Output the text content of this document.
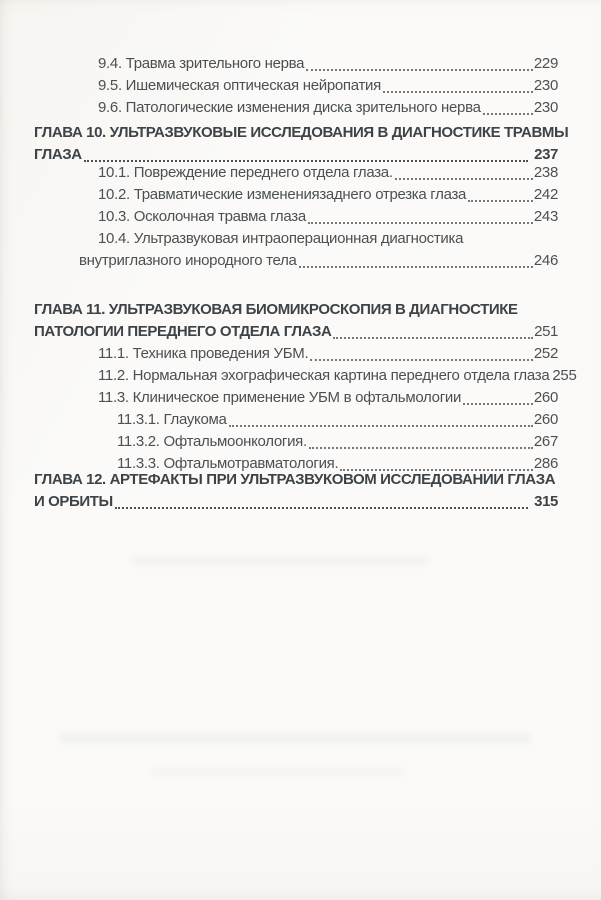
9.4. Травма зрительного нерва	229
9.5. Ишемическая оптическая нейропатия	230
9.6. Патологические изменения диска зрительного нерва	230
ГЛАВА 10. УЛЬТРАЗВУКОВЫЕ ИССЛЕДОВАНИЯ В ДИАГНОСТИКЕ ТРАВМЫ
ГЛАЗА	237
10.1. Повреждение переднего отдела глаза.	238
10.2. Травматические изменениязаднего отрезка глаза	242
10.3. Осколочная травма глаза	243
10.4. Ультразвуковая интраоперационная диагностика
внутриглазного инородного тела	246
ГЛАВА 11. УЛЬТРАЗВУКОВАЯ БИОМИКРОСКОПИЯ В ДИАГНОСТИКЕ
ПАТОЛОГИИ ПЕРЕДНЕГО ОТДЕЛА ГЛАЗА	251
11.1. Техника проведения УБМ.	252
11.2. Нормальная эхографическая картина переднего отдела глаза 255
11.3. Клиническое применение УБМ в офтальмологии	260
11.3.1. Глаукома	260
11.3.2. Офтальмоонкология.	267
11.3.3. Офтальмотравматология.	286
ГЛАВА 12. АРТЕФАКТЫ ПРИ УЛЬТРАЗВУКОВОМ ИССЛЕДОВАНИИ ГЛАЗА
И ОРБИТЫ	315
